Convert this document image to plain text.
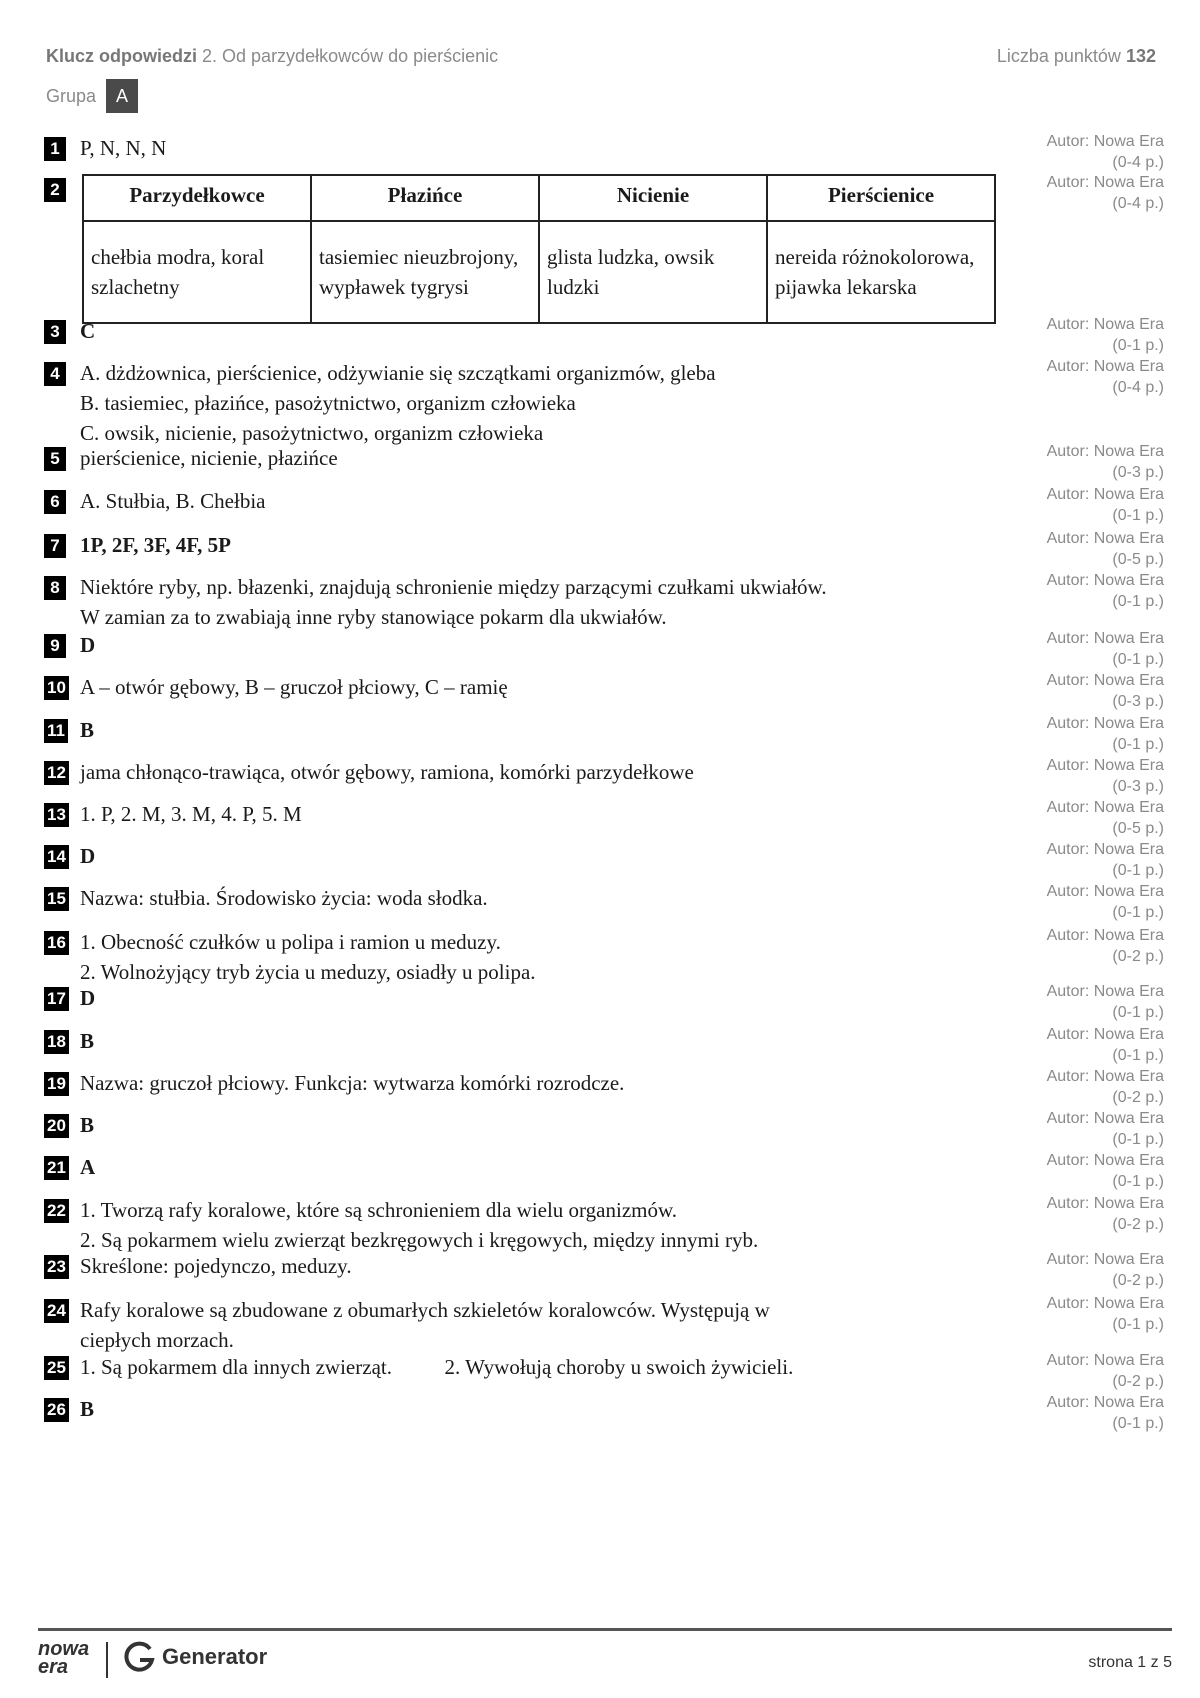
Klucz odpowiedzi 2. Od parzydełkowców do pierścienic	Liczba punktów 132
Grupa	A
1 P, N, N, N	Autor: Nowa Era
(0-4 p.)
2	Parzydełkowce	Płazińce	Nicienie	Pierścienice
chełbia modra, koral szlachetny	tasiemiec nieuzbrojony, wypławek tygrysi	glista ludzka, owsik ludzki	nereida różnokolorowa, pijawka lekarska
Autor: Nowa Era
(0-4 p.)
3 C	Autor: Nowa Era
(0-1 p.)
4 A. dżdżownica, pierścienice, odżywianie się szczątkami organizmów, gleba
B. tasiemiec, płazińce, pasożytnictwo, organizm człowieka
C. owsik, nicienie, pasożytnictwo, organizm człowieka
Autor: Nowa Era
(0-4 p.)
5 pierścienice, nicienie, płazińce	Autor: Nowa Era
(0-3 p.)
6 A. Stułbia, B. Chełbia	Autor: Nowa Era
(0-1 p.)
7 1P, 2F, 3F, 4F, 5P	Autor: Nowa Era
(0-5 p.)
8 Niektóre ryby, np. błazenki, znajdują schronienie między parzącymi czułkami ukwiałów.
W zamian za to zwabiają inne ryby stanowiące pokarm dla ukwiałów.
Autor: Nowa Era
(0-1 p.)
9 D	Autor: Nowa Era
(0-1 p.)
10 A – otwór gębowy, B – gruczoł płciowy, C – ramię	Autor: Nowa Era
(0-3 p.)
11 B	Autor: Nowa Era
(0-1 p.)
12 jama chłonąco-trawiąca, otwór gębowy, ramiona, komórki parzydełkowe	Autor: Nowa Era
(0-3 p.)
13 1. P, 2. M, 3. M, 4. P, 5. M	Autor: Nowa Era
(0-5 p.)
14 D	Autor: Nowa Era
(0-1 p.)
15 Nazwa: stułbia. Środowisko życia: woda słodka.	Autor: Nowa Era
(0-1 p.)
16 1. Obecność czułków u polipa i ramion u meduzy.
2. Wolnożyjący tryb życia u meduzy, osiadły u polipa.
Autor: Nowa Era
(0-2 p.)
17 D	Autor: Nowa Era
(0-1 p.)
18 B	Autor: Nowa Era
(0-1 p.)
19 Nazwa: gruczoł płciowy. Funkcja: wytwarza komórki rozrodcze.	Autor: Nowa Era
(0-2 p.)
20 B	Autor: Nowa Era
(0-1 p.)
21 A	Autor: Nowa Era
(0-1 p.)
22 1. Tworzą rafy koralowe, które są schronieniem dla wielu organizmów.
2. Są pokarmem wielu zwierząt bezkręgowych i kręgowych, między innymi ryb.
Autor: Nowa Era
(0-2 p.)
23 Skreślone: pojedynczo, meduzy.	Autor: Nowa Era
(0-2 p.)
24 Rafy koralowe są zbudowane z obumarłych szkieletów koralowców. Występują w
ciepłych morzach.
Autor: Nowa Era
(0-1 p.)
25 1. Są pokarmem dla innych zwierząt.          2. Wywołują choroby u swoich żywicieli.	Autor: Nowa Era
(0-2 p.)
26 B	Autor: Nowa Era
(0-1 p.)
nowa
era	Generator	strona 1 z 5
